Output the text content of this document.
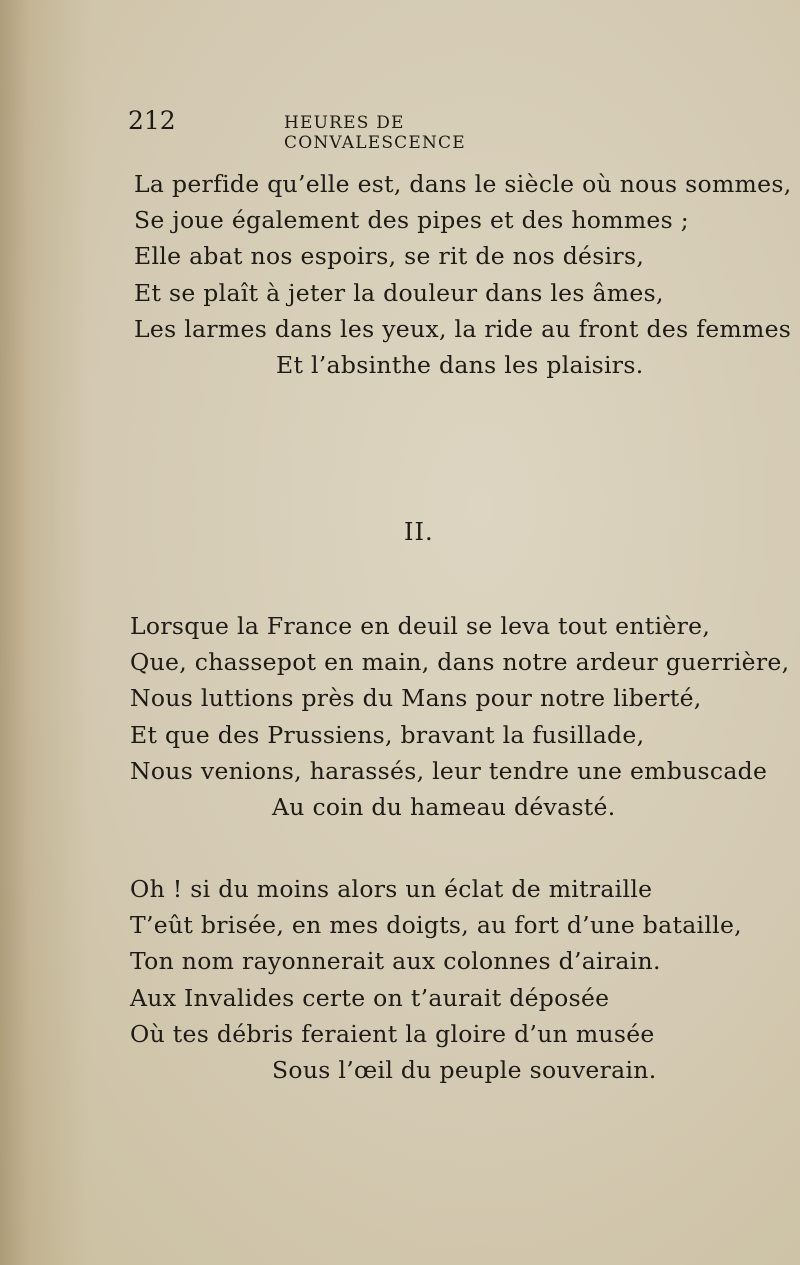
212	HEURES DE CONVALESCENCE
La perfide qu’elle est, dans le siècle où nous sommes,
Se joue également des pipes et des hommes ;
Elle abat nos espoirs, se rit de nos désirs,
Et se plaît à jeter la douleur dans les âmes,
Les larmes dans les yeux, la ride au front des femmes
Et l’absinthe dans les plaisirs.
II.
Lorsque la France en deuil se leva tout entière,
Que, chassepot en main, dans notre ardeur guerrière,
Nous luttions près du Mans pour notre liberté,
Et que des Prussiens, bravant la fusillade,
Nous venions, harassés, leur tendre une embuscade
Au coin du hameau dévasté.
Oh ! si du moins alors un éclat de mitraille
T’eût brisée, en mes doigts, au fort d’une bataille,
Ton nom rayonnerait aux colonnes d’airain.
Aux Invalides certe on t’aurait déposée
Où tes débris feraient la gloire d’un musée
Sous l’œil du peuple souverain.
